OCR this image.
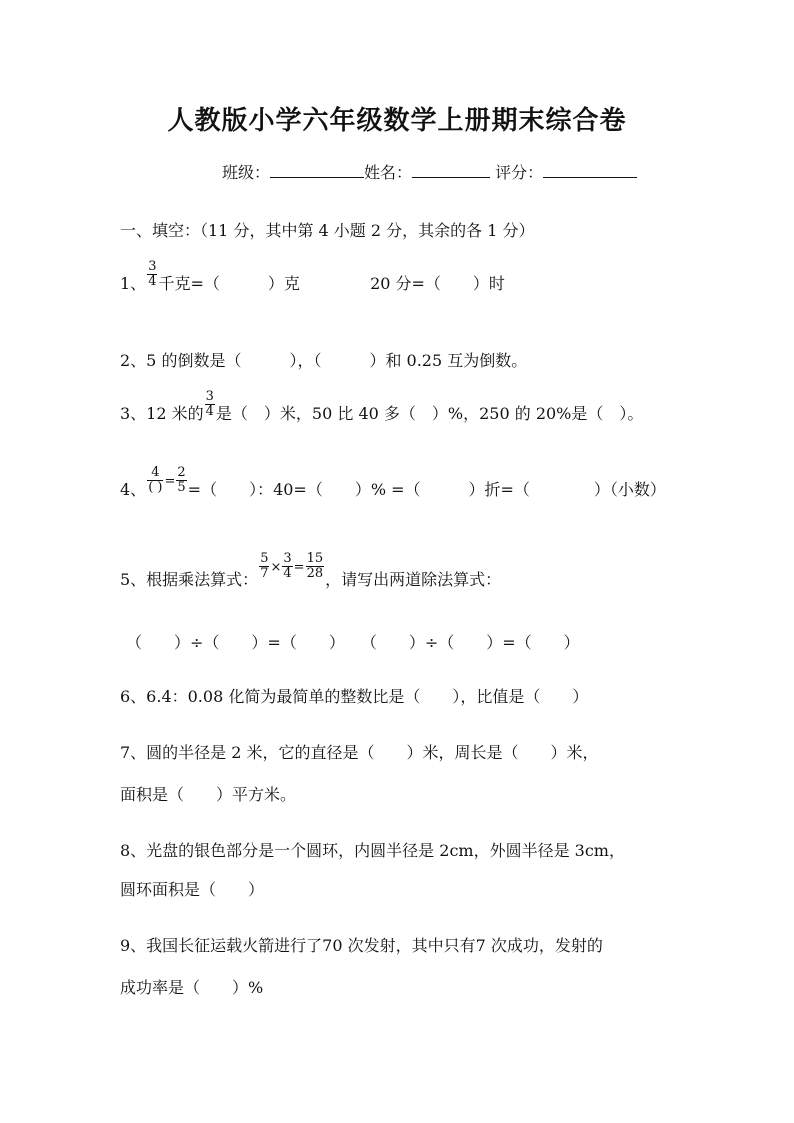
人教版小学六年级数学上册期末综合卷
班级：	姓名：	评分：
一、填空：（11 分，其中第 4 小题 2 分，其余的各 1 分）
1、 $\frac{3}{4}$ 千克=（　　　）克	20 分=（　　）时
2、5 的倒数是（　　　），（　　　）和 0.25 互为倒数。
3、12 米的 $\frac{3}{4}$ 是（　）米，50 比 40 多（　）%，250 的 20%是（　）。
4、 $\frac{4}{( )} ^= \frac{2}{5}$ =（　　）：40=（　　）% =（　　　）折=（　　　　）（小数）
5、根据乘法算式： $\frac{5}{7} \times \frac{3}{4} = \frac{15}{28}$ ，请写出两道除法算式：
（　　）÷（　　）=（　　）　　（　　）÷（　　）=（　　）
6、6.4：0.08 化简为最简单的整数比是（　　），比值是（　　）
7、圆的半径是 2 米，它的直径是（　　）米，周长是（　　）米，
面积是（　　）平方米。
8、光盘的银色部分是一个圆环，内圆半径是 2cm，外圆半径是 3cm，
圆环面积是（　　）
9、我国长征运载火箭进行了70 次发射，其中只有7 次成功，发射的
成功率是（　　）%
